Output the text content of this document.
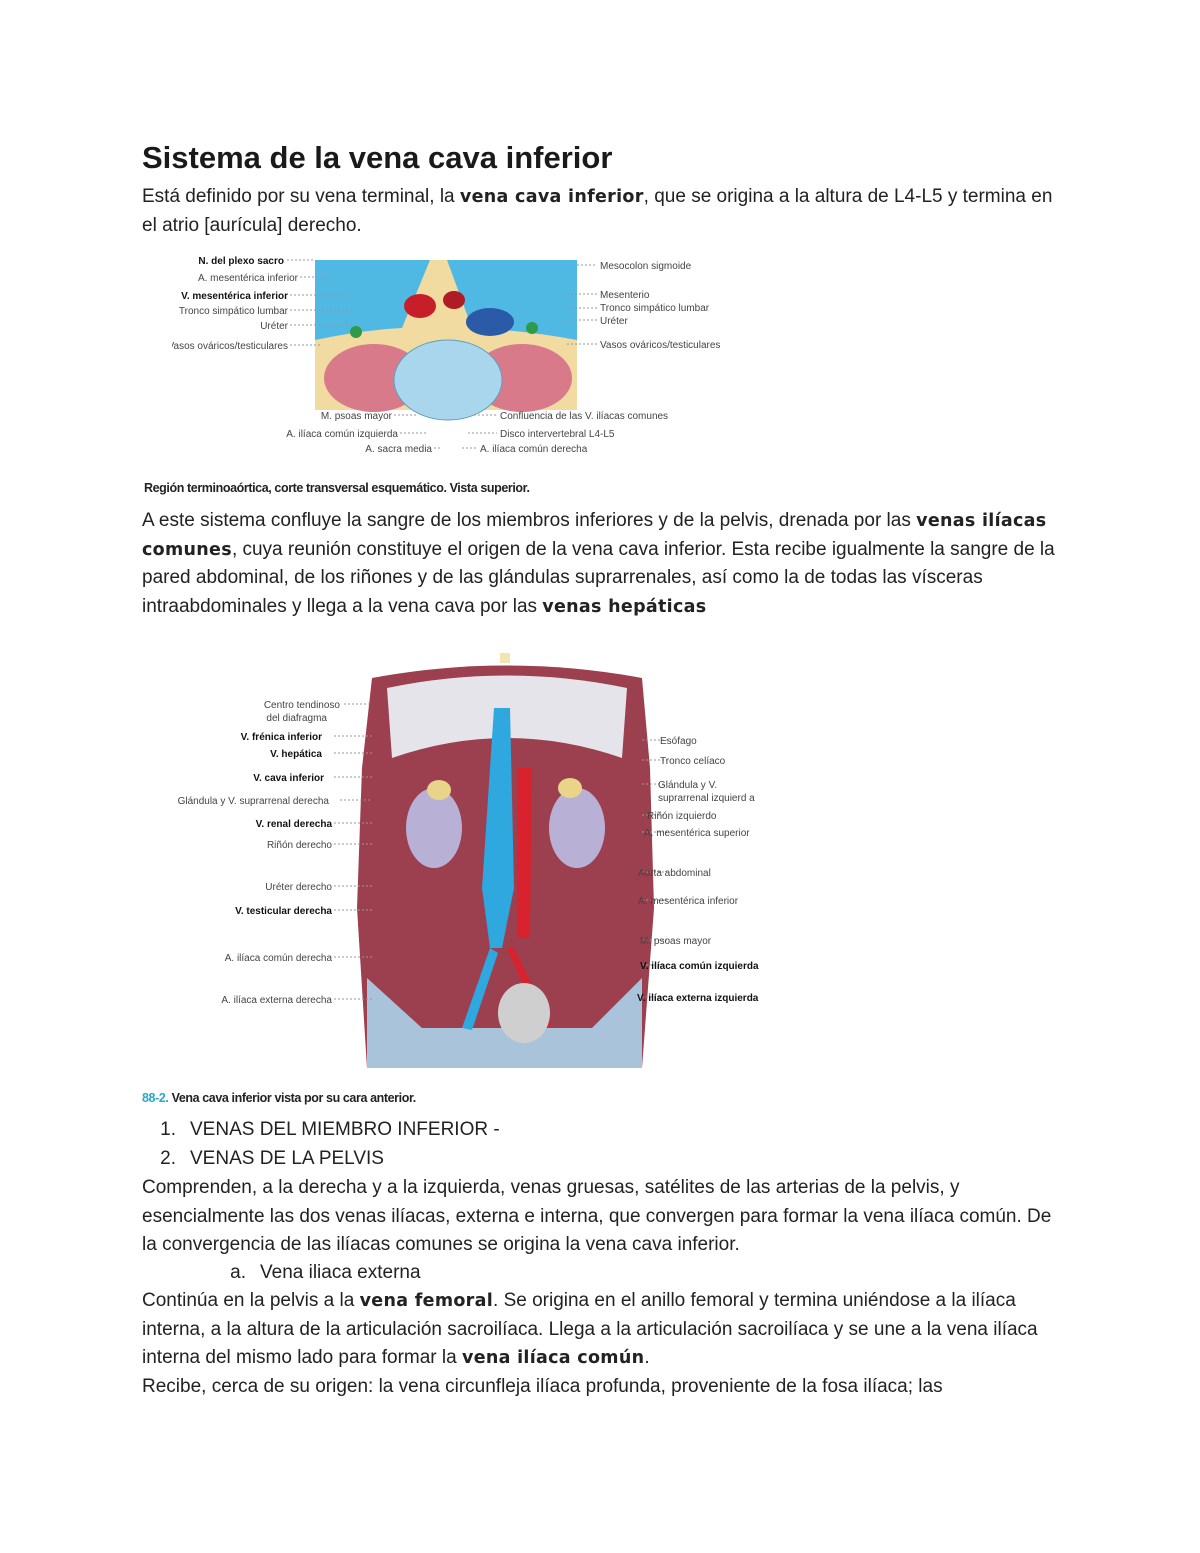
Sistema de la vena cava inferior

Está definido por su vena terminal, la vena cava inferior, que se origina a la altura de L4-L5 y termina en el atrio [aurícula] derecho.

N. del plexo sacro
A. mesentérica inferior
V. mesentérica inferior
Tronco simpático lumbar
Uréter
Vasos ováricos/testiculares
Mesocolon sigmoide
Mesenterio
Tronco simpático lumbar
Uréter
Vasos ováricos/testiculares
M. psoas mayor
A. ilíaca común izquierda
A. sacra media
Confluencia de las V. ilíacas comunes
Disco intervertebral L4-L5
A. ilíaca común derecha
Región terminoaórtica, corte transversal esquemático. Vista superior.

A este sistema confluye la sangre de los miembros inferiores y de la pelvis, drenada por las venas ilíacas comunes, cuya reunión constituye el origen de la vena cava inferior. Esta recibe igualmente la sangre de la pared abdominal, de los riñones y de las glándulas suprarrenales, así como la de todas las vísceras intraabdominales y llega a la vena cava por las venas hepáticas

Centro tendinoso
del diafragma
V. frénica inferior
V. hepática
V. cava inferior
Glándula y V. suprarrenal derecha
V. renal derecha
Riñón derecho
Uréter derecho
V. testicular derecha
A. ilíaca común derecha
A. ilíaca externa derecha
Esófago
Tronco celíaco
Glándula y V.
suprarrenal izquierd a
Riñón izquierdo
A. mesentérica superior
Aorta abdominal
A. mesentérica inferior
M. psoas mayor
V. ilíaca común izquierda
V. ilíaca externa izquierda
88-2. Vena cava inferior vista por su cara anterior.
1. VENAS DEL MIEMBRO INFERIOR -
2. VENAS DE LA PELVIS

Comprenden, a la derecha y a la izquierda, venas gruesas, satélites de las arterias de la pelvis, y esencialmente las dos venas ilíacas, externa e interna, que convergen para formar la vena ilíaca común. De la convergencia de las ilíacas comunes se origina la vena cava inferior.

a. Vena iliaca externa

Continúa en la pelvis a la vena femoral. Se origina en el anillo femoral y termina uniéndose a la ilíaca interna, a la altura de la articulación sacroilíaca. Llega a la articulación sacroilíaca y se une a la vena ilíaca interna del mismo lado para formar la vena ilíaca común.

Recibe, cerca de su origen: la vena circunfleja ilíaca profunda, proveniente de la fosa ilíaca; las
